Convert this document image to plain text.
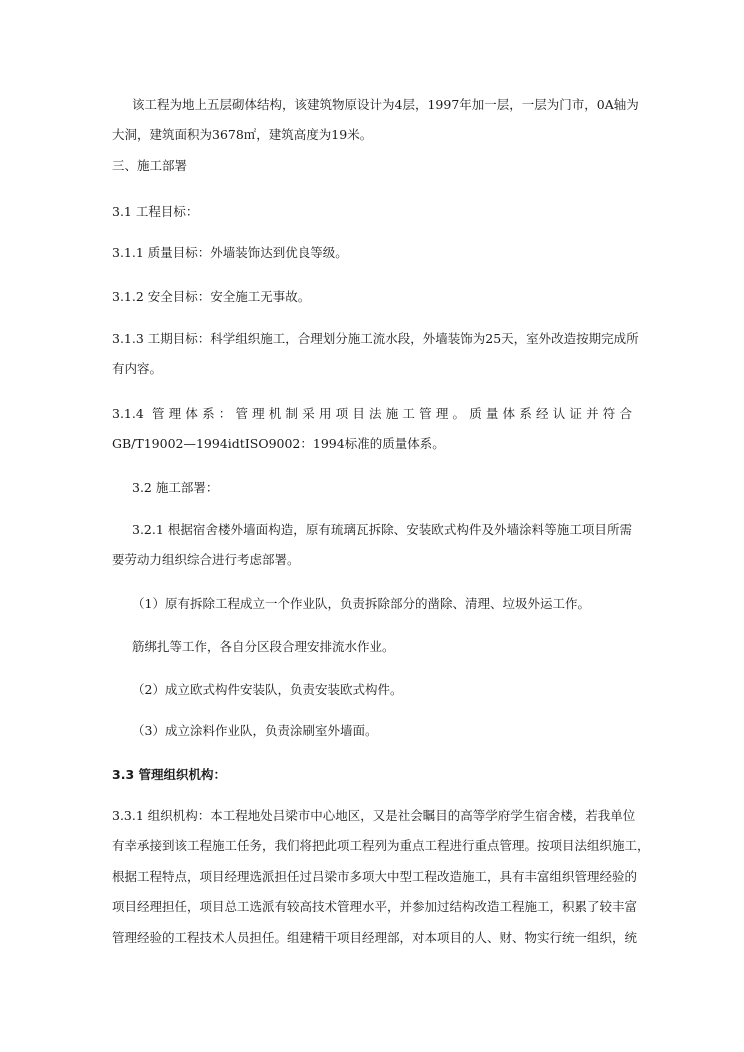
该工程为地上五层砌体结构，该建筑物原设计为4层，1997年加一层，一层为门市，0A轴为
大洞，建筑面积为3678㎡，建筑高度为19米。
三、施工部署
3.1 工程目标：
3.1.1 质量目标：外墙装饰达到优良等级。
3.1.2 安全目标：安全施工无事故。
3.1.3 工期目标：科学组织施工，合理划分施工流水段，外墙装饰为25天，室外改造按期完成所
有内容。
3.1.4 管理体系：管理机制采用项目法施工管理。质量体系经认证并符合
GB/T19002—1994idtISO9002：1994标准的质量体系。
3.2 施工部署：
3.2.1 根据宿舍楼外墙面构造，原有琉璃瓦拆除、安装欧式构件及外墙涂料等施工项目所需
要劳动力组织综合进行考虑部署。
（1）原有拆除工程成立一个作业队，负责拆除部分的凿除、清理、垃圾外运工作。
筋绑扎等工作，各自分区段合理安排流水作业。
（2）成立欧式构件安装队，负责安装欧式构件。
（3）成立涂料作业队，负责涂刷室外墙面。
3.3 管理组织机构：
3.3.1 组织机构：本工程地处吕梁市中心地区，又是社会瞩目的高等学府学生宿舍楼，若我单位
有幸承接到该工程施工任务，我们将把此项工程列为重点工程进行重点管理。按项目法组织施工，
根据工程特点，项目经理选派担任过吕梁市多项大中型工程改造施工，具有丰富组织管理经验的
项目经理担任，项目总工选派有较高技术管理水平，并参加过结构改造工程施工，积累了较丰富
管理经验的工程技术人员担任。组建精干项目经理部，对本项目的人、财、物实行统一组织，统
